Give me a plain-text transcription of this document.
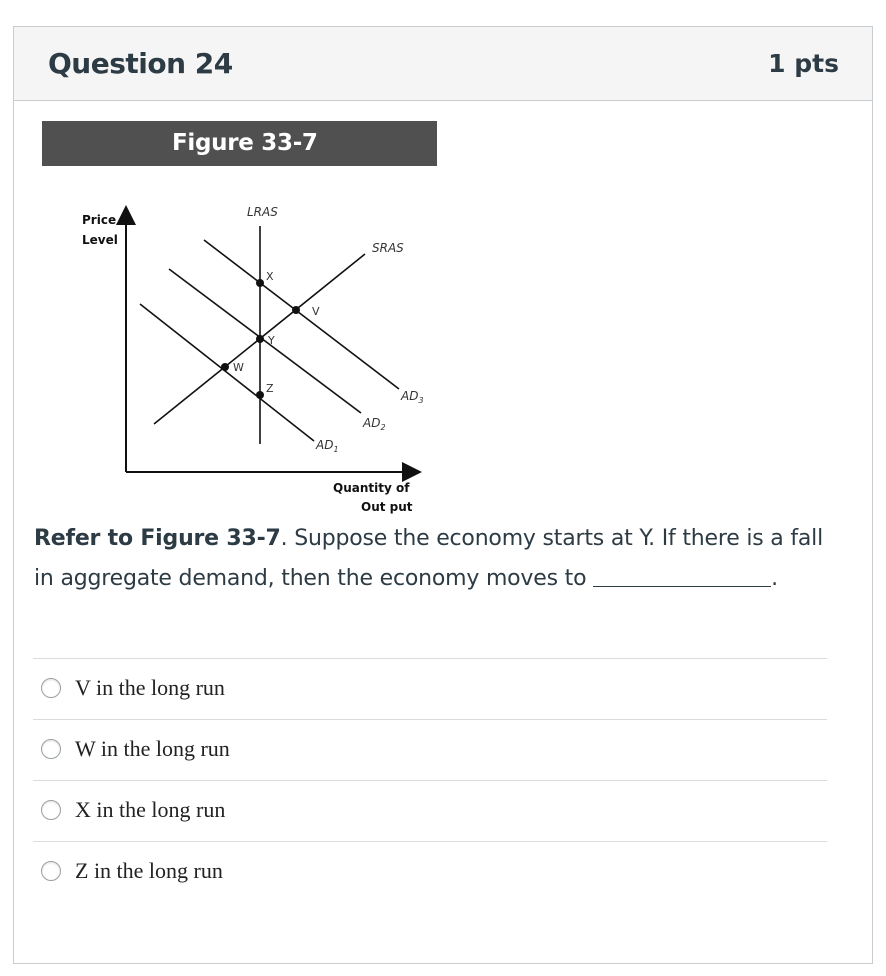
Question 24	1 pts
Figure 33-7
Price
Level
Quantity of
Out put
LRAS
SRAS
$AD_3$
$AD_2$
$AD_1$
X
V
Y
W
Z
Refer to Figure 33-7. Suppose the economy starts at Y. If there is a fall in aggregate demand, then the economy moves to	.
V in the long run
W in the long run
X in the long run
Z in the long run
